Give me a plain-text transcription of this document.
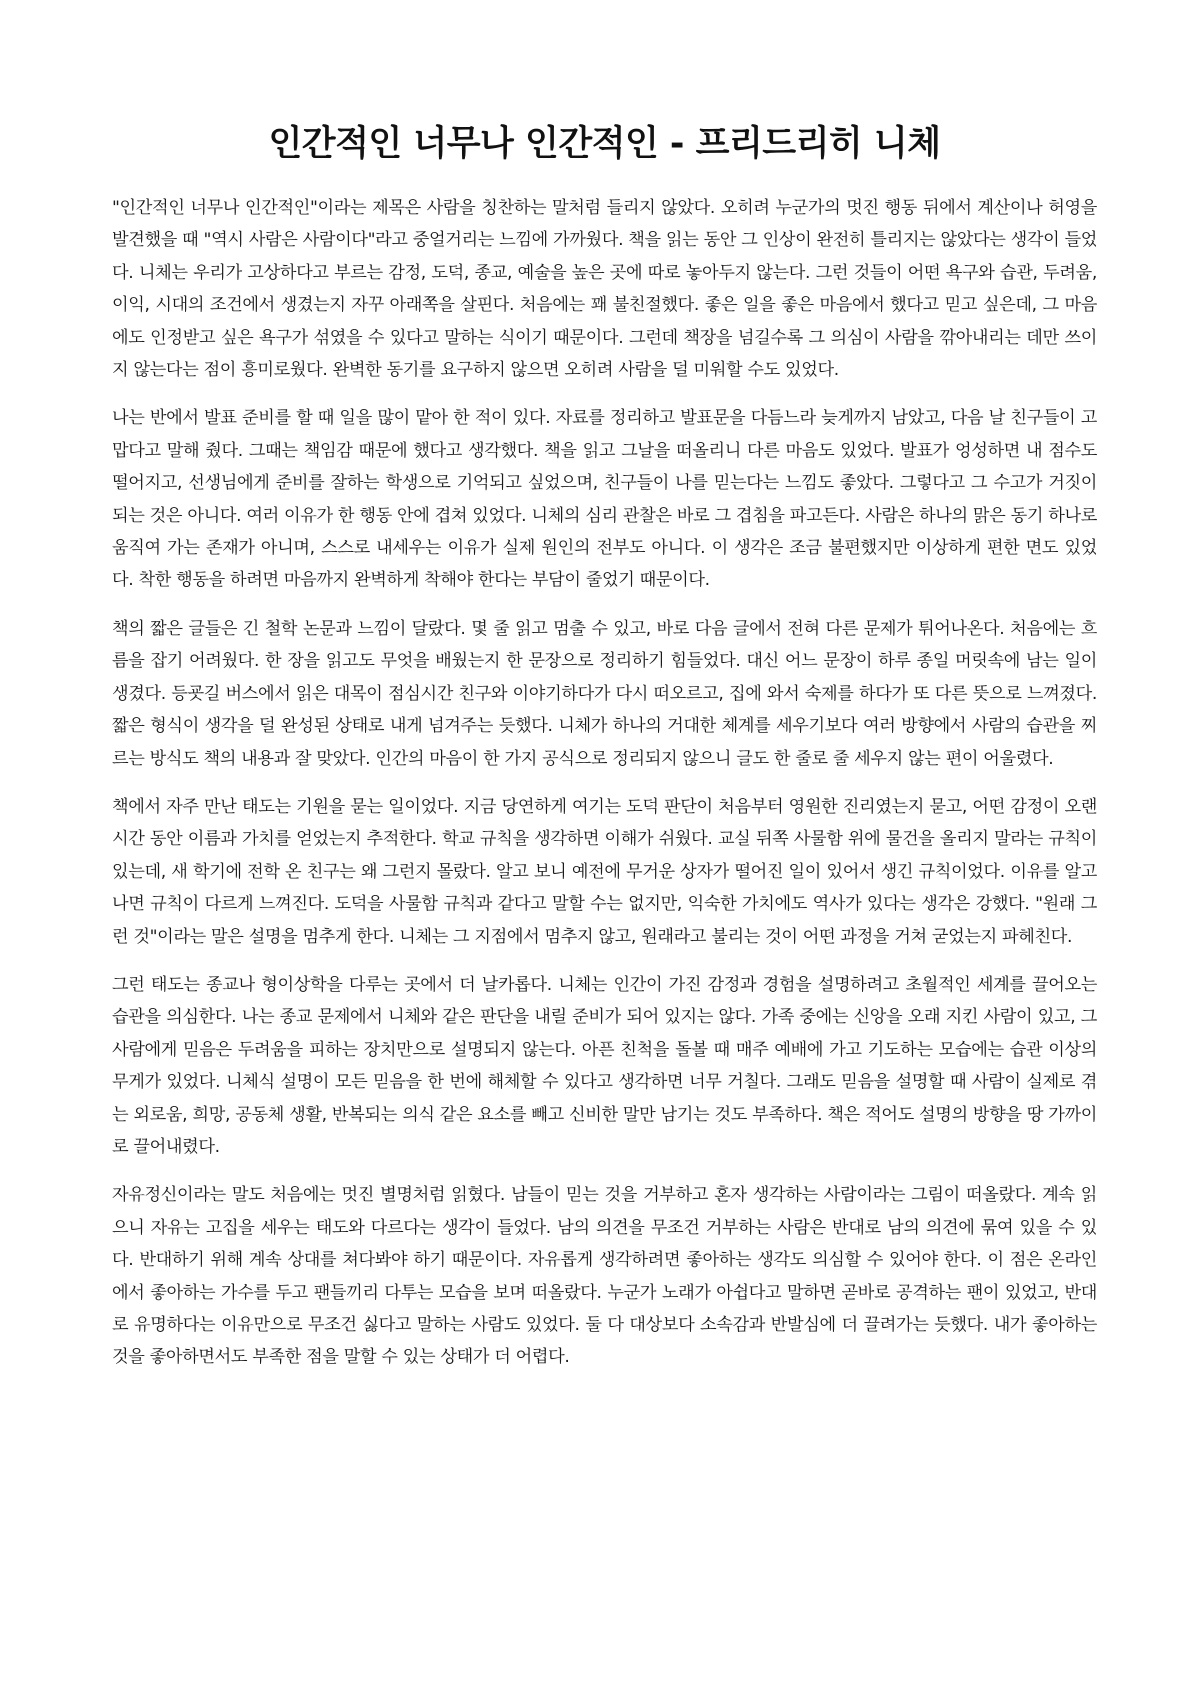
인간적인 너무나 인간적인 - 프리드리히 니체

"인간적인 너무나 인간적인"이라는 제목은 사람을 칭찬하는 말처럼 들리지 않았다. 오히려 누군가의 멋진 행동 뒤에서 계산이나 허영을 발견했을 때 "역시 사람은 사람이다"라고 중얼거리는 느낌에 가까웠다. 책을 읽는 동안 그 인상이 완전히 틀리지는 않았다는 생각이 들었다. 니체는 우리가 고상하다고 부르는 감정, 도덕, 종교, 예술을 높은 곳에 따로 놓아두지 않는다. 그런 것들이 어떤 욕구와 습관, 두려움, 이익, 시대의 조건에서 생겼는지 자꾸 아래쪽을 살핀다. 처음에는 꽤 불친절했다. 좋은 일을 좋은 마음에서 했다고 믿고 싶은데, 그 마음에도 인정받고 싶은 욕구가 섞였을 수 있다고 말하는 식이기 때문이다. 그런데 책장을 넘길수록 그 의심이 사람을 깎아내리는 데만 쓰이지 않는다는 점이 흥미로웠다. 완벽한 동기를 요구하지 않으면 오히려 사람을 덜 미워할 수도 있었다.

나는 반에서 발표 준비를 할 때 일을 많이 맡아 한 적이 있다. 자료를 정리하고 발표문을 다듬느라 늦게까지 남았고, 다음 날 친구들이 고맙다고 말해 줬다. 그때는 책임감 때문에 했다고 생각했다. 책을 읽고 그날을 떠올리니 다른 마음도 있었다. 발표가 엉성하면 내 점수도 떨어지고, 선생님에게 준비를 잘하는 학생으로 기억되고 싶었으며, 친구들이 나를 믿는다는 느낌도 좋았다. 그렇다고 그 수고가 거짓이 되는 것은 아니다. 여러 이유가 한 행동 안에 겹쳐 있었다. 니체의 심리 관찰은 바로 그 겹침을 파고든다. 사람은 하나의 맑은 동기 하나로 움직여 가는 존재가 아니며, 스스로 내세우는 이유가 실제 원인의 전부도 아니다. 이 생각은 조금 불편했지만 이상하게 편한 면도 있었다. 착한 행동을 하려면 마음까지 완벽하게 착해야 한다는 부담이 줄었기 때문이다.

책의 짧은 글들은 긴 철학 논문과 느낌이 달랐다. 몇 줄 읽고 멈출 수 있고, 바로 다음 글에서 전혀 다른 문제가 튀어나온다. 처음에는 흐름을 잡기 어려웠다. 한 장을 읽고도 무엇을 배웠는지 한 문장으로 정리하기 힘들었다. 대신 어느 문장이 하루 종일 머릿속에 남는 일이 생겼다. 등굣길 버스에서 읽은 대목이 점심시간 친구와 이야기하다가 다시 떠오르고, 집에 와서 숙제를 하다가 또 다른 뜻으로 느껴졌다. 짧은 형식이 생각을 덜 완성된 상태로 내게 넘겨주는 듯했다. 니체가 하나의 거대한 체계를 세우기보다 여러 방향에서 사람의 습관을 찌르는 방식도 책의 내용과 잘 맞았다. 인간의 마음이 한 가지 공식으로 정리되지 않으니 글도 한 줄로 줄 세우지 않는 편이 어울렸다.

책에서 자주 만난 태도는 기원을 묻는 일이었다. 지금 당연하게 여기는 도덕 판단이 처음부터 영원한 진리였는지 묻고, 어떤 감정이 오랜 시간 동안 이름과 가치를 얻었는지 추적한다. 학교 규칙을 생각하면 이해가 쉬웠다. 교실 뒤쪽 사물함 위에 물건을 올리지 말라는 규칙이 있는데, 새 학기에 전학 온 친구는 왜 그런지 몰랐다. 알고 보니 예전에 무거운 상자가 떨어진 일이 있어서 생긴 규칙이었다. 이유를 알고 나면 규칙이 다르게 느껴진다. 도덕을 사물함 규칙과 같다고 말할 수는 없지만, 익숙한 가치에도 역사가 있다는 생각은 강했다. "원래 그런 것"이라는 말은 설명을 멈추게 한다. 니체는 그 지점에서 멈추지 않고, 원래라고 불리는 것이 어떤 과정을 거쳐 굳었는지 파헤친다.

그런 태도는 종교나 형이상학을 다루는 곳에서 더 날카롭다. 니체는 인간이 가진 감정과 경험을 설명하려고 초월적인 세계를 끌어오는 습관을 의심한다. 나는 종교 문제에서 니체와 같은 판단을 내릴 준비가 되어 있지는 않다. 가족 중에는 신앙을 오래 지킨 사람이 있고, 그 사람에게 믿음은 두려움을 피하는 장치만으로 설명되지 않는다. 아픈 친척을 돌볼 때 매주 예배에 가고 기도하는 모습에는 습관 이상의 무게가 있었다. 니체식 설명이 모든 믿음을 한 번에 해체할 수 있다고 생각하면 너무 거칠다. 그래도 믿음을 설명할 때 사람이 실제로 겪는 외로움, 희망, 공동체 생활, 반복되는 의식 같은 요소를 빼고 신비한 말만 남기는 것도 부족하다. 책은 적어도 설명의 방향을 땅 가까이로 끌어내렸다.

자유정신이라는 말도 처음에는 멋진 별명처럼 읽혔다. 남들이 믿는 것을 거부하고 혼자 생각하는 사람이라는 그림이 떠올랐다. 계속 읽으니 자유는 고집을 세우는 태도와 다르다는 생각이 들었다. 남의 의견을 무조건 거부하는 사람은 반대로 남의 의견에 묶여 있을 수 있다. 반대하기 위해 계속 상대를 쳐다봐야 하기 때문이다. 자유롭게 생각하려면 좋아하는 생각도 의심할 수 있어야 한다. 이 점은 온라인에서 좋아하는 가수를 두고 팬들끼리 다투는 모습을 보며 떠올랐다. 누군가 노래가 아쉽다고 말하면 곧바로 공격하는 팬이 있었고, 반대로 유명하다는 이유만으로 무조건 싫다고 말하는 사람도 있었다. 둘 다 대상보다 소속감과 반발심에 더 끌려가는 듯했다. 내가 좋아하는 것을 좋아하면서도 부족한 점을 말할 수 있는 상태가 더 어렵다.
